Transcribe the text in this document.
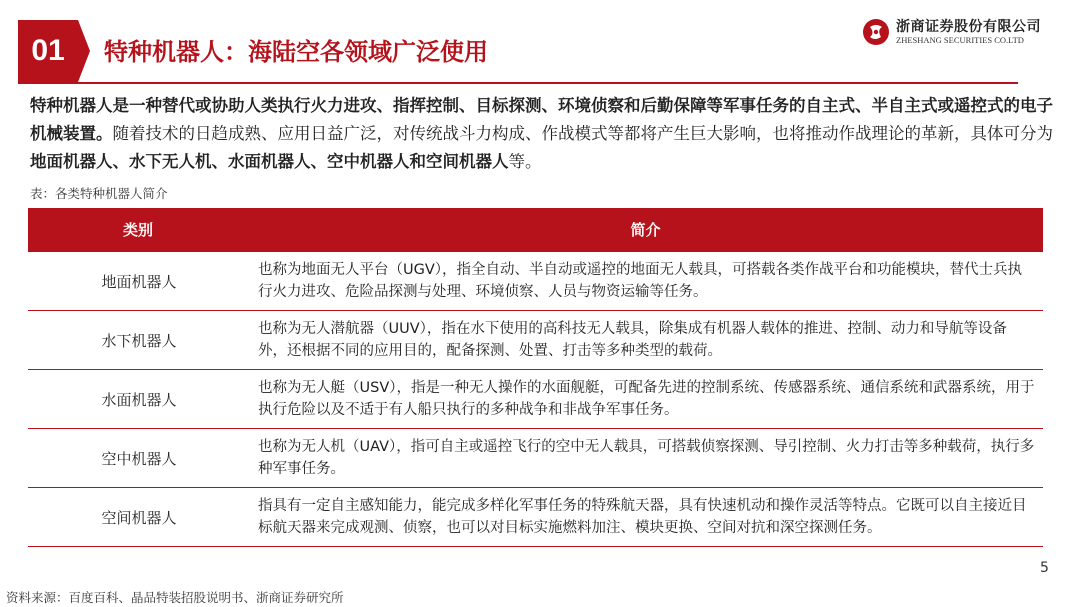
01	特种机器人：海陆空各领域广泛使用
浙商证券股份有限公司
ZHESHANG SECURITIES CO.LTD
特种机器人是一种替代或协助人类执行火力进攻、指挥控制、目标探测、环境侦察和后勤保障等军事任务的自主式、半自主式或遥控式的电子机械装置。随着技术的日趋成熟、应用日益广泛，对传统战斗力构成、作战模式等都将产生巨大影响，也将推动作战理论的革新，具体可分为地面机器人、水下无人机、水面机器人、空中机器人和空间机器人等。
表：各类特种机器人简介
类别	简介
地面机器人
也称为地面无人平台（UGV），指全自动、半自动或遥控的地面无人载具，可搭载各类作战平台和功能模块，替代士兵执行火力进攻、危险品探测与处理、环境侦察、人员与物资运输等任务。
水下机器人
也称为无人潜航器（UUV），指在水下使用的高科技无人载具，除集成有机器人载体的推进、控制、动力和导航等设备外，还根据不同的应用目的，配备探测、处置、打击等多种类型的载荷。
水面机器人
也称为无人艇（USV），指是一种无人操作的水面舰艇，可配备先进的控制系统、传感器系统、通信系统和武器系统，用于执行危险以及不适于有人船只执行的多种战争和非战争军事任务。
空中机器人
也称为无人机（UAV），指可自主或遥控飞行的空中无人载具，可搭载侦察探测、导引控制、火力打击等多种载荷，执行多种军事任务。
空间机器人
指具有一定自主感知能力，能完成多样化军事任务的特殊航天器，具有快速机动和操作灵活等特点。它既可以自主接近目标航天器来完成观测、侦察，也可以对目标实施燃料加注、模块更换、空间对抗和深空探测任务。
5
资料来源：百度百科、晶品特装招股说明书、浙商证券研究所
